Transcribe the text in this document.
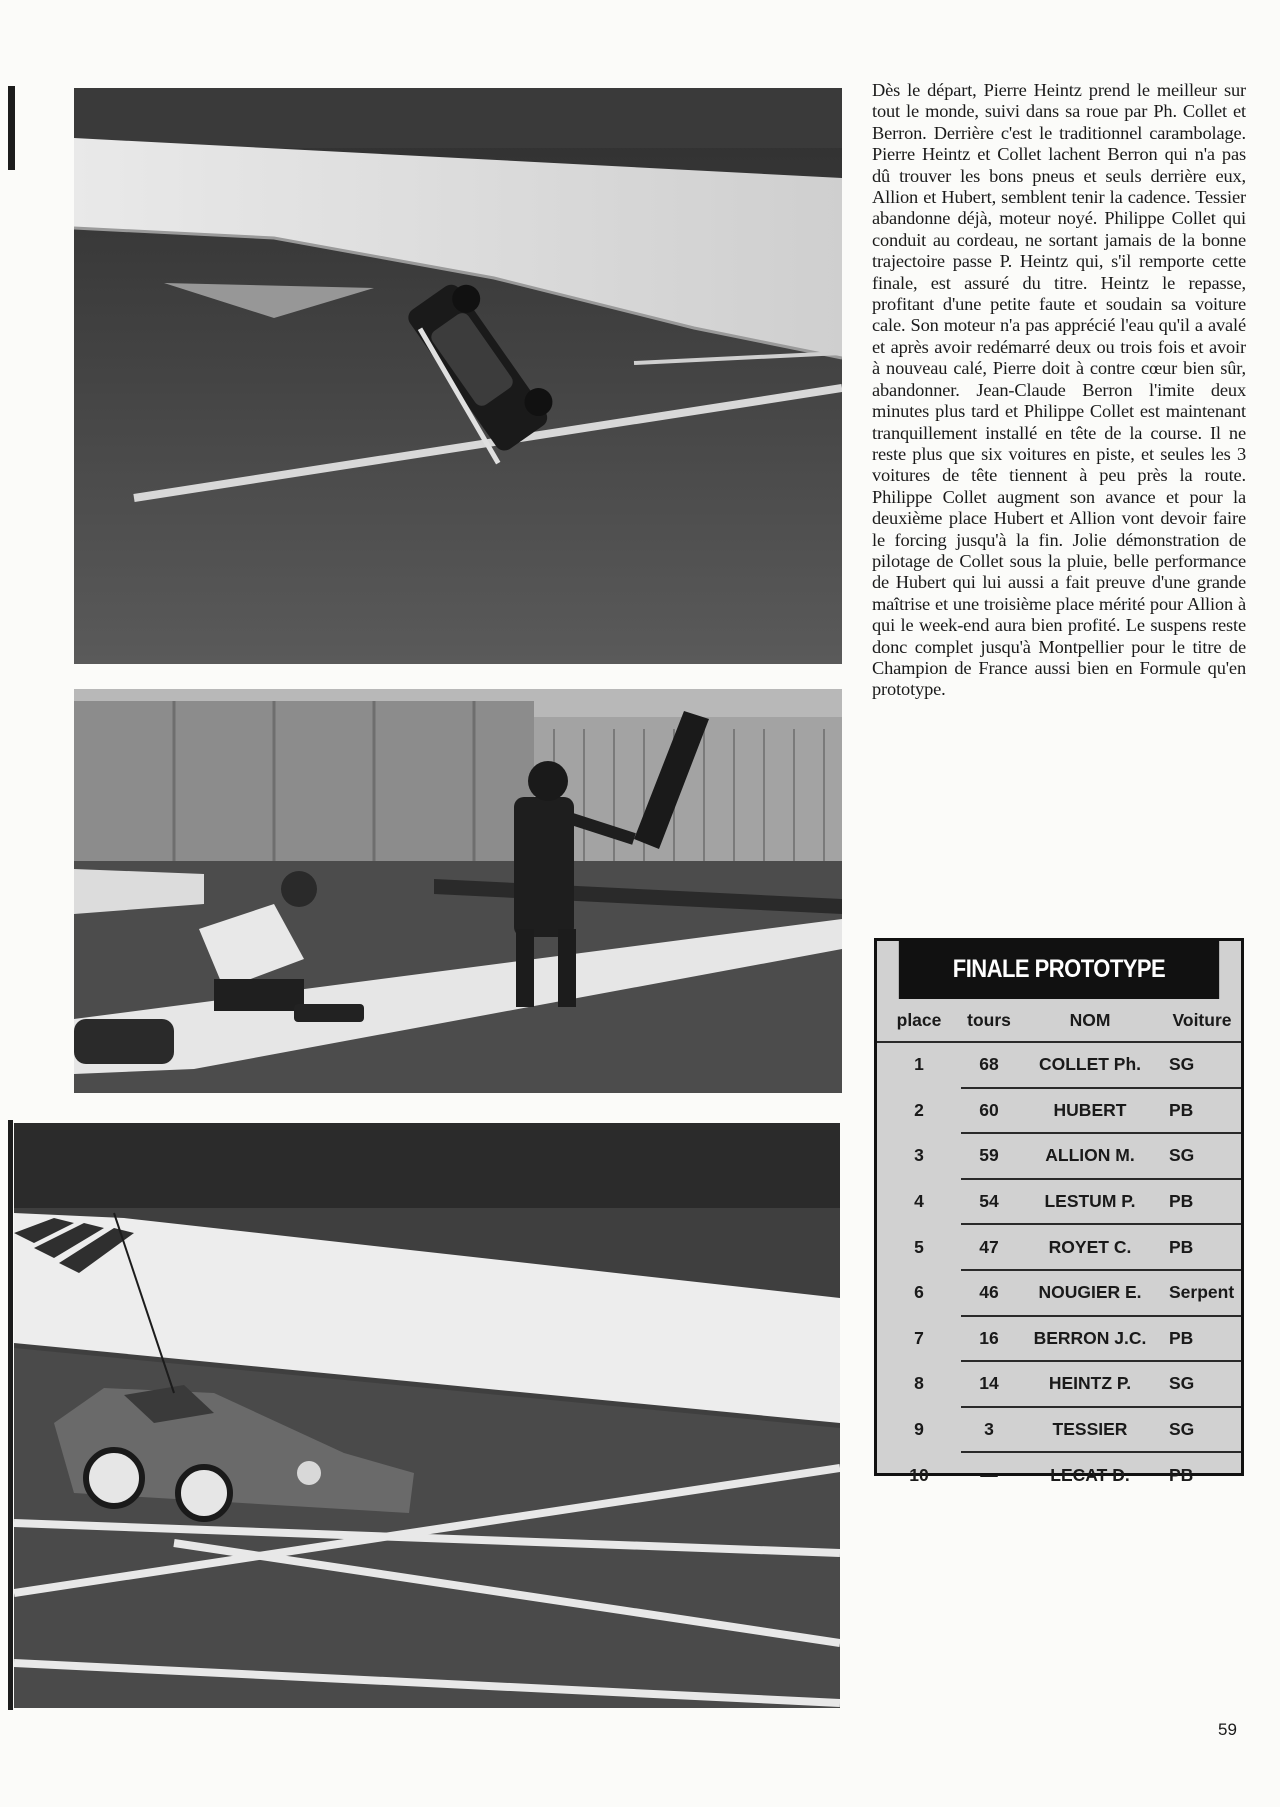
Dès le départ, Pierre Heintz prend le meilleur sur tout le monde, suivi dans sa roue par Ph. Collet et Berron. Derrière c'est le traditionnel carambolage. Pierre Heintz et Collet lachent Berron qui n'a pas dû trouver les bons pneus et seuls derrière eux, Allion et Hubert, semblent tenir la cadence. Tessier abandonne déjà, moteur noyé. Philippe Collet qui conduit au cordeau, ne sortant jamais de la bonne trajectoire passe P. Heintz qui, s'il remporte cette finale, est assuré du titre. Heintz le repasse, profitant d'une petite faute et soudain sa voiture cale. Son moteur n'a pas apprécié l'eau qu'il a avalé et après avoir redémarré deux ou trois fois et avoir à nouveau calé, Pierre doit à contre cœur bien sûr, abandonner. Jean-Claude Berron l'imite deux minutes plus tard et Philippe Collet est maintenant tranquillement installé en tête de la course. Il ne reste plus que six voitures en piste, et seules les 3 voitures de tête tiennent à peu près la route. Philippe Collet augment son avance et pour la deuxième place Hubert et Allion vont devoir faire le forcing jusqu'à la fin. Jolie démonstration de pilotage de Collet sous la pluie, belle performance de Hubert qui lui aussi a fait preuve d'une grande maîtrise et une troisième place mérité pour Allion à qui le week-end aura bien profité. Le suspens reste donc complet jusqu'à Montpellier pour le titre de Champion de France aussi bien en Formule qu'en prototype.

FINALE PROTOTYPE
place	tours	NOM	Voiture
1	68	COLLET Ph.	SG
2	60	HUBERT	PB
3	59	ALLION M.	SG
4	54	LESTUM P.	PB
5	47	ROYET C.	PB
6	46	NOUGIER E.	Serpent
7	16	BERRON J.C.	PB
8	14	HEINTZ P.	SG
9	3	TESSIER	SG
10	—	LECAT D.	PB
59
